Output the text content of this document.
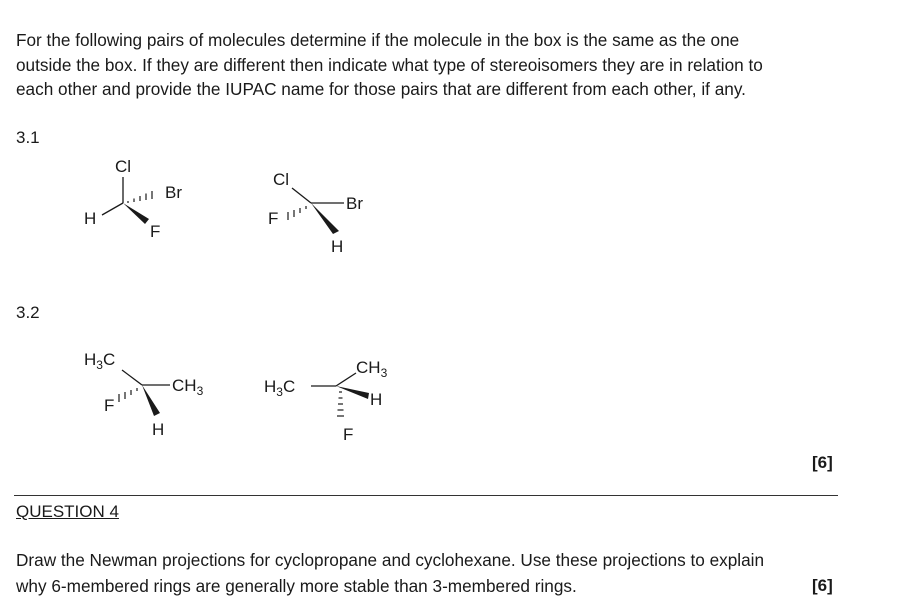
For the following pairs of molecules determine if the molecule in the box is the same as the one
outside the box. If they are different then indicate what type of stereoisomers they are in relation to
each other and provide the IUPAC name for those pairs that are different from each other, if any.
3.1
3.2
Cl
Br
H
F
Cl
Br
F
H
$H_3C$
$CH_3$
F
H
$H_3C$
$CH_3$
H
F
[6]
QUESTION 4
Draw the Newman projections for cyclopropane and cyclohexane. Use these projections to explain
why 6-membered rings are generally more stable than 3-membered rings.	[6]
